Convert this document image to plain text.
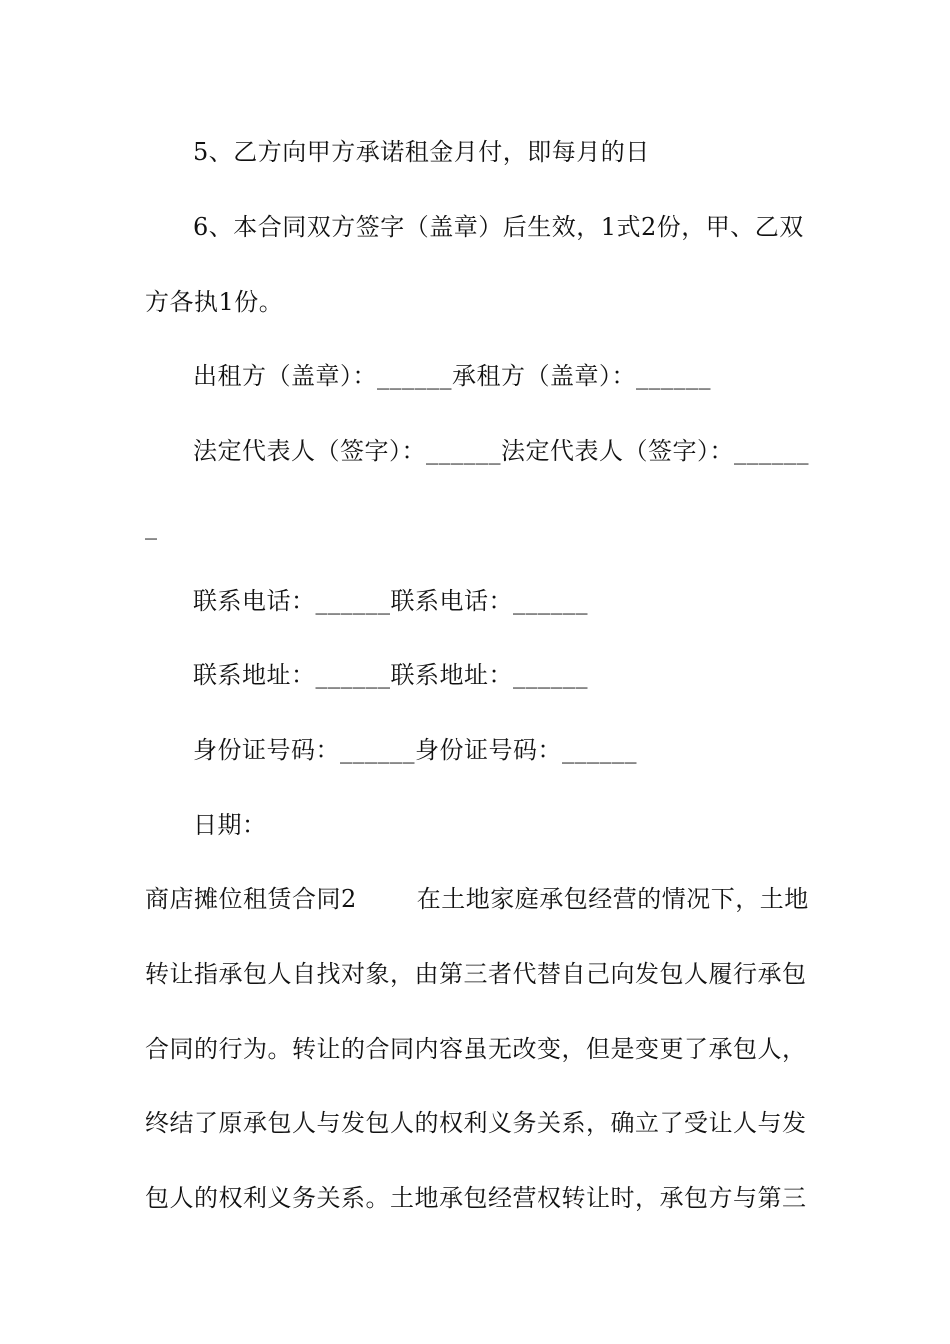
5、乙方向甲方承诺租金月付，即每月的日
6、本合同双方签字（盖章）后生效，1式2份，甲、乙双
方各执1份。
出租方（盖章）：______承租方（盖章）：______
法定代表人（签字）：______法定代表人（签字）：______
_
联系电话：______联系电话：______
联系地址：______联系地址：______
身份证号码：______身份证号码：______
日期：
商店摊位租赁合同2	在土地家庭承包经营的情况下，土地
转让指承包人自找对象，由第三者代替自己向发包人履行承包
合同的行为。转让的合同内容虽无改变，但是变更了承包人，
终结了原承包人与发包人的权利义务关系，确立了受让人与发
包人的权利义务关系。土地承包经营权转让时，承包方与第三
